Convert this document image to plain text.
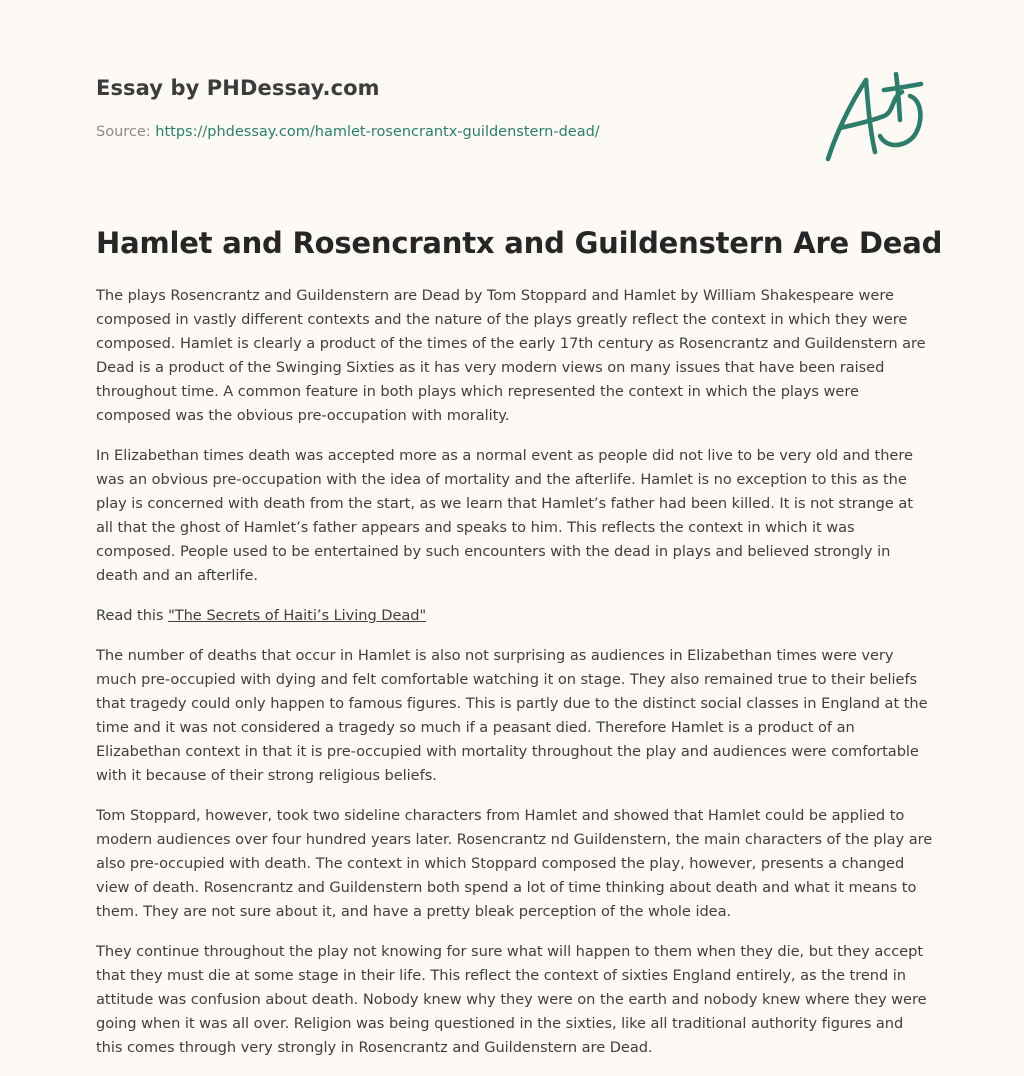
Essay by PHDessay.com
Source: https://phdessay.com/hamlet-rosencrantx-guildenstern-dead/
Hamlet and Rosencrantx and Guildenstern Are Dead

The plays Rosencrantz and Guildenstern are Dead by Tom Stoppard and Hamlet by William Shakespeare were composed in vastly different contexts and the nature of the plays greatly reflect the context in which they were composed. Hamlet is clearly a product of the times of the early 17th century as Rosencrantz and Guildenstern are Dead is a product of the Swinging Sixties as it has very modern views on many issues that have been raised throughout time. A common feature in both plays which represented the context in which the plays were composed was the obvious pre-occupation with morality.

In Elizabethan times death was accepted more as a normal event as people did not live to be very old and there was an obvious pre-occupation with the idea of mortality and the afterlife. Hamlet is no exception to this as the play is concerned with death from the start, as we learn that Hamlet’s father had been killed. It is not strange at all that the ghost of Hamlet’s father appears and speaks to him. This reflects the context in which it was composed. People used to be entertained by such encounters with the dead in plays and believed strongly in death and an afterlife.

Read this "The Secrets of Haiti’s Living Dead"

The number of deaths that occur in Hamlet is also not surprising as audiences in Elizabethan times were very much pre-occupied with dying and felt comfortable watching it on stage. They also remained true to their beliefs that tragedy could only happen to famous figures. This is partly due to the distinct social classes in England at the time and it was not considered a tragedy so much if a peasant died. Therefore Hamlet is a product of an Elizabethan context in that it is pre-occupied with mortality throughout the play and audiences were comfortable with it because of their strong religious beliefs.

Tom Stoppard, however, took two sideline characters from Hamlet and showed that Hamlet could be applied to modern audiences over four hundred years later. Rosencrantz nd Guildenstern, the main characters of the play are also pre-occupied with death. The context in which Stoppard composed the play, however, presents a changed view of death. Rosencrantz and Guildenstern both spend a lot of time thinking about death and what it means to them. They are not sure about it, and have a pretty bleak perception of the whole idea.

They continue throughout the play not knowing for sure what will happen to them when they die, but they accept that they must die at some stage in their life. This reflect the context of sixties England entirely, as the trend in attitude was confusion about death. Nobody knew why they were on the earth and nobody knew where they were going when it was all over. Religion was being questioned in the sixties, like all traditional authority figures and this comes through very strongly in Rosencrantz and Guildenstern are Dead.
